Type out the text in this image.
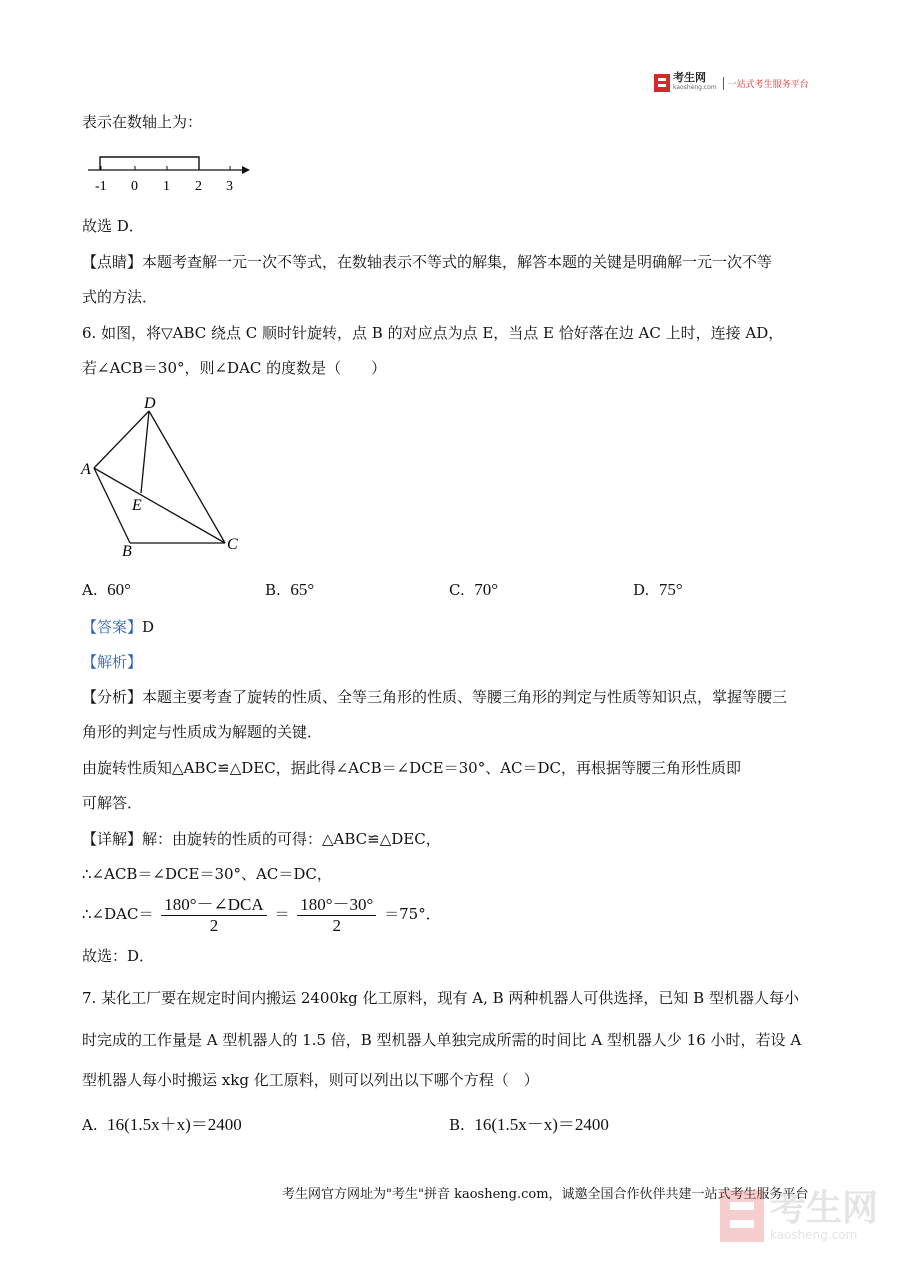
考生网
kaosheng.com	一站式考生服务平台
表示在数轴上为：
-1 0 1 2 3
故选 D．
【点睛】本题考查解一元一次不等式，在数轴表示不等式的解集，解答本题的关键是明确解一元一次不等
式的方法．
6. 如图，将▽ABC 绕点 C 顺时针旋转，点 B 的对应点为点 E，当点 E 恰好落在边 AC 上时，连接 AD，
若∠ACB＝30°，则∠DAC 的度数是（　　）
D
A
E
B	C
A. 60°	B. 65°	C. 70°	D. 75°
【答案】D
【解析】
【分析】本题主要考查了旋转的性质、全等三角形的性质、等腰三角形的判定与性质等知识点，掌握等腰三
角形的判定与性质成为解题的关键．
由旋转性质知△ABC≌△DEC，据此得∠ACB＝∠DCE＝30°、AC＝DC，再根据等腰三角形性质即
可解答．
【详解】解：由旋转的性质的可得：△ABC≌△DEC，
∴∠ACB＝∠DCE＝30°、AC＝DC，
∴∠DAC＝ $\frac{\text{180°－∠DCA}}{2} = \frac{180^\circ-30^\circ}{2} =75^\circ$．
故选：D．
7. 某化工厂要在规定时间内搬运 2400kg 化工原料，现有 A, B 两种机器人可供选择，已知 B 型机器人每小
时完成的工作量是 A 型机器人的 1.5 倍，B 型机器人单独完成所需的时间比 A 型机器人少 16 小时，若设 A
型机器人每小时搬运 xkg 化工原料，则可以列出以下哪个方程（　）
A. 16(1.5x＋x)＝2400	B. 16(1.5x－x)＝2400
考生网官方网址为"考生"拼音 kaosheng.com，诚邀全国合作伙伴共建一站式考生服务平台
考生网
kaosheng.com
